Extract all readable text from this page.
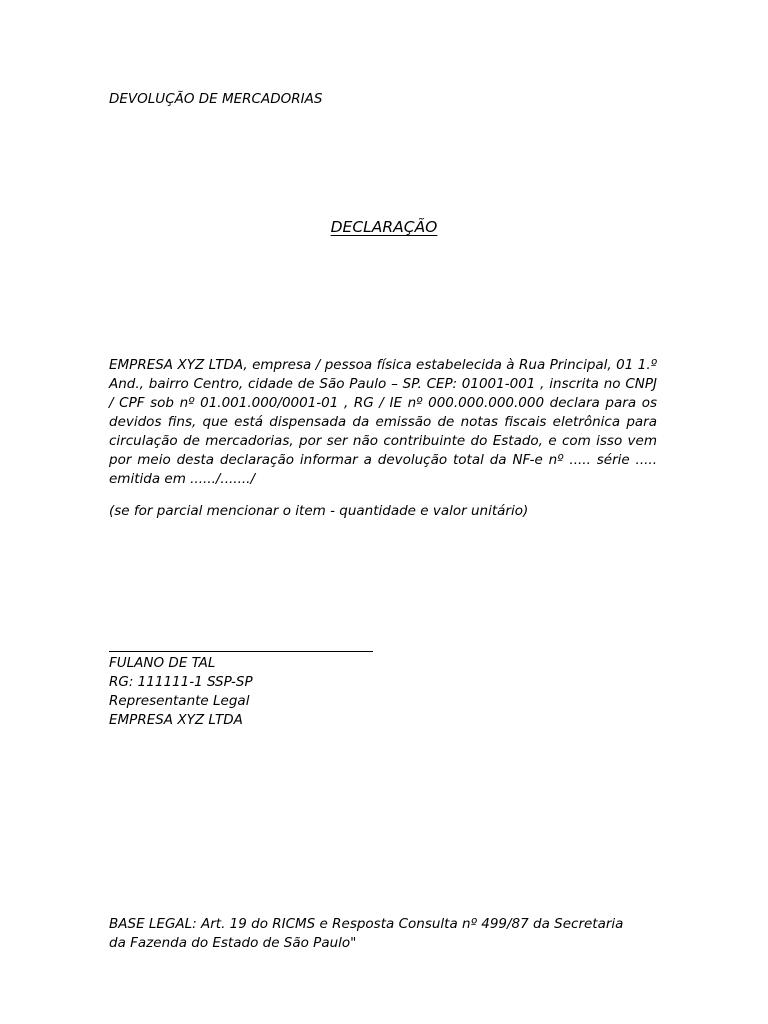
DEVOLUÇÃO DE MERCADORIAS
DECLARAÇÃO

EMPRESA XYZ LTDA, empresa / pessoa física estabelecida à Rua Principal, 01 1.º And., bairro Centro, cidade de São Paulo – SP. CEP: 01001-001 , inscrita no CNPJ / CPF sob nº 01.001.000/0001-01 , RG / IE nº 000.000.000.000 declara para os devidos fins, que está dispensada da emissão de notas fiscais eletrônica para circulação de mercadorias, por ser não contribuinte do Estado, e com isso vem por meio desta declaração informar a devolução total da NF-e nº ..... série ..... emitida em ....../......./

(se for parcial mencionar o item - quantidade e valor unitário)
FULANO DE TAL
RG: 111111-1 SSP-SP
Representante Legal
EMPRESA XYZ LTDA
BASE LEGAL: Art. 19 do RICMS e Resposta Consulta nº 499/87 da Secretaria
da Fazenda do Estado de São Paulo"
